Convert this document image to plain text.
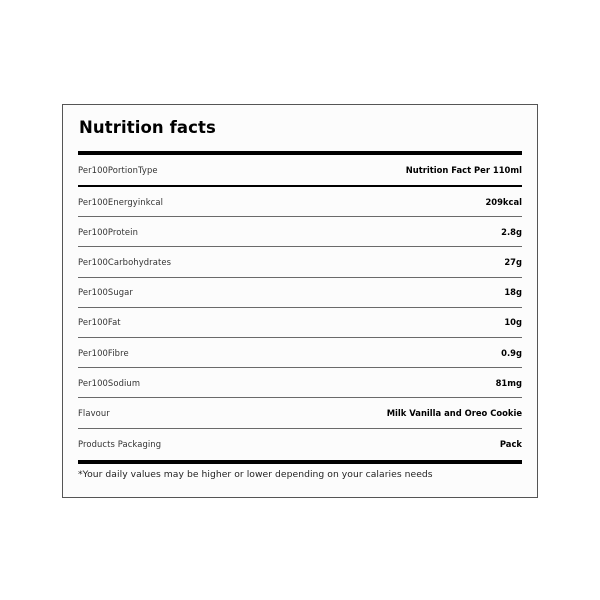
Nutrition facts
Per100PortionType	Nutrition Fact Per 110ml
Per100Energyinkcal	209kcal
Per100Protein	2.8g
Per100Carbohydrates	27g
Per100Sugar	18g
Per100Fat	10g
Per100Fibre	0.9g
Per100Sodium	81mg
Flavour	Milk Vanilla and Oreo Cookie
Products Packaging	Pack
*Your daily values may be higher or lower depending on your calaries needs
